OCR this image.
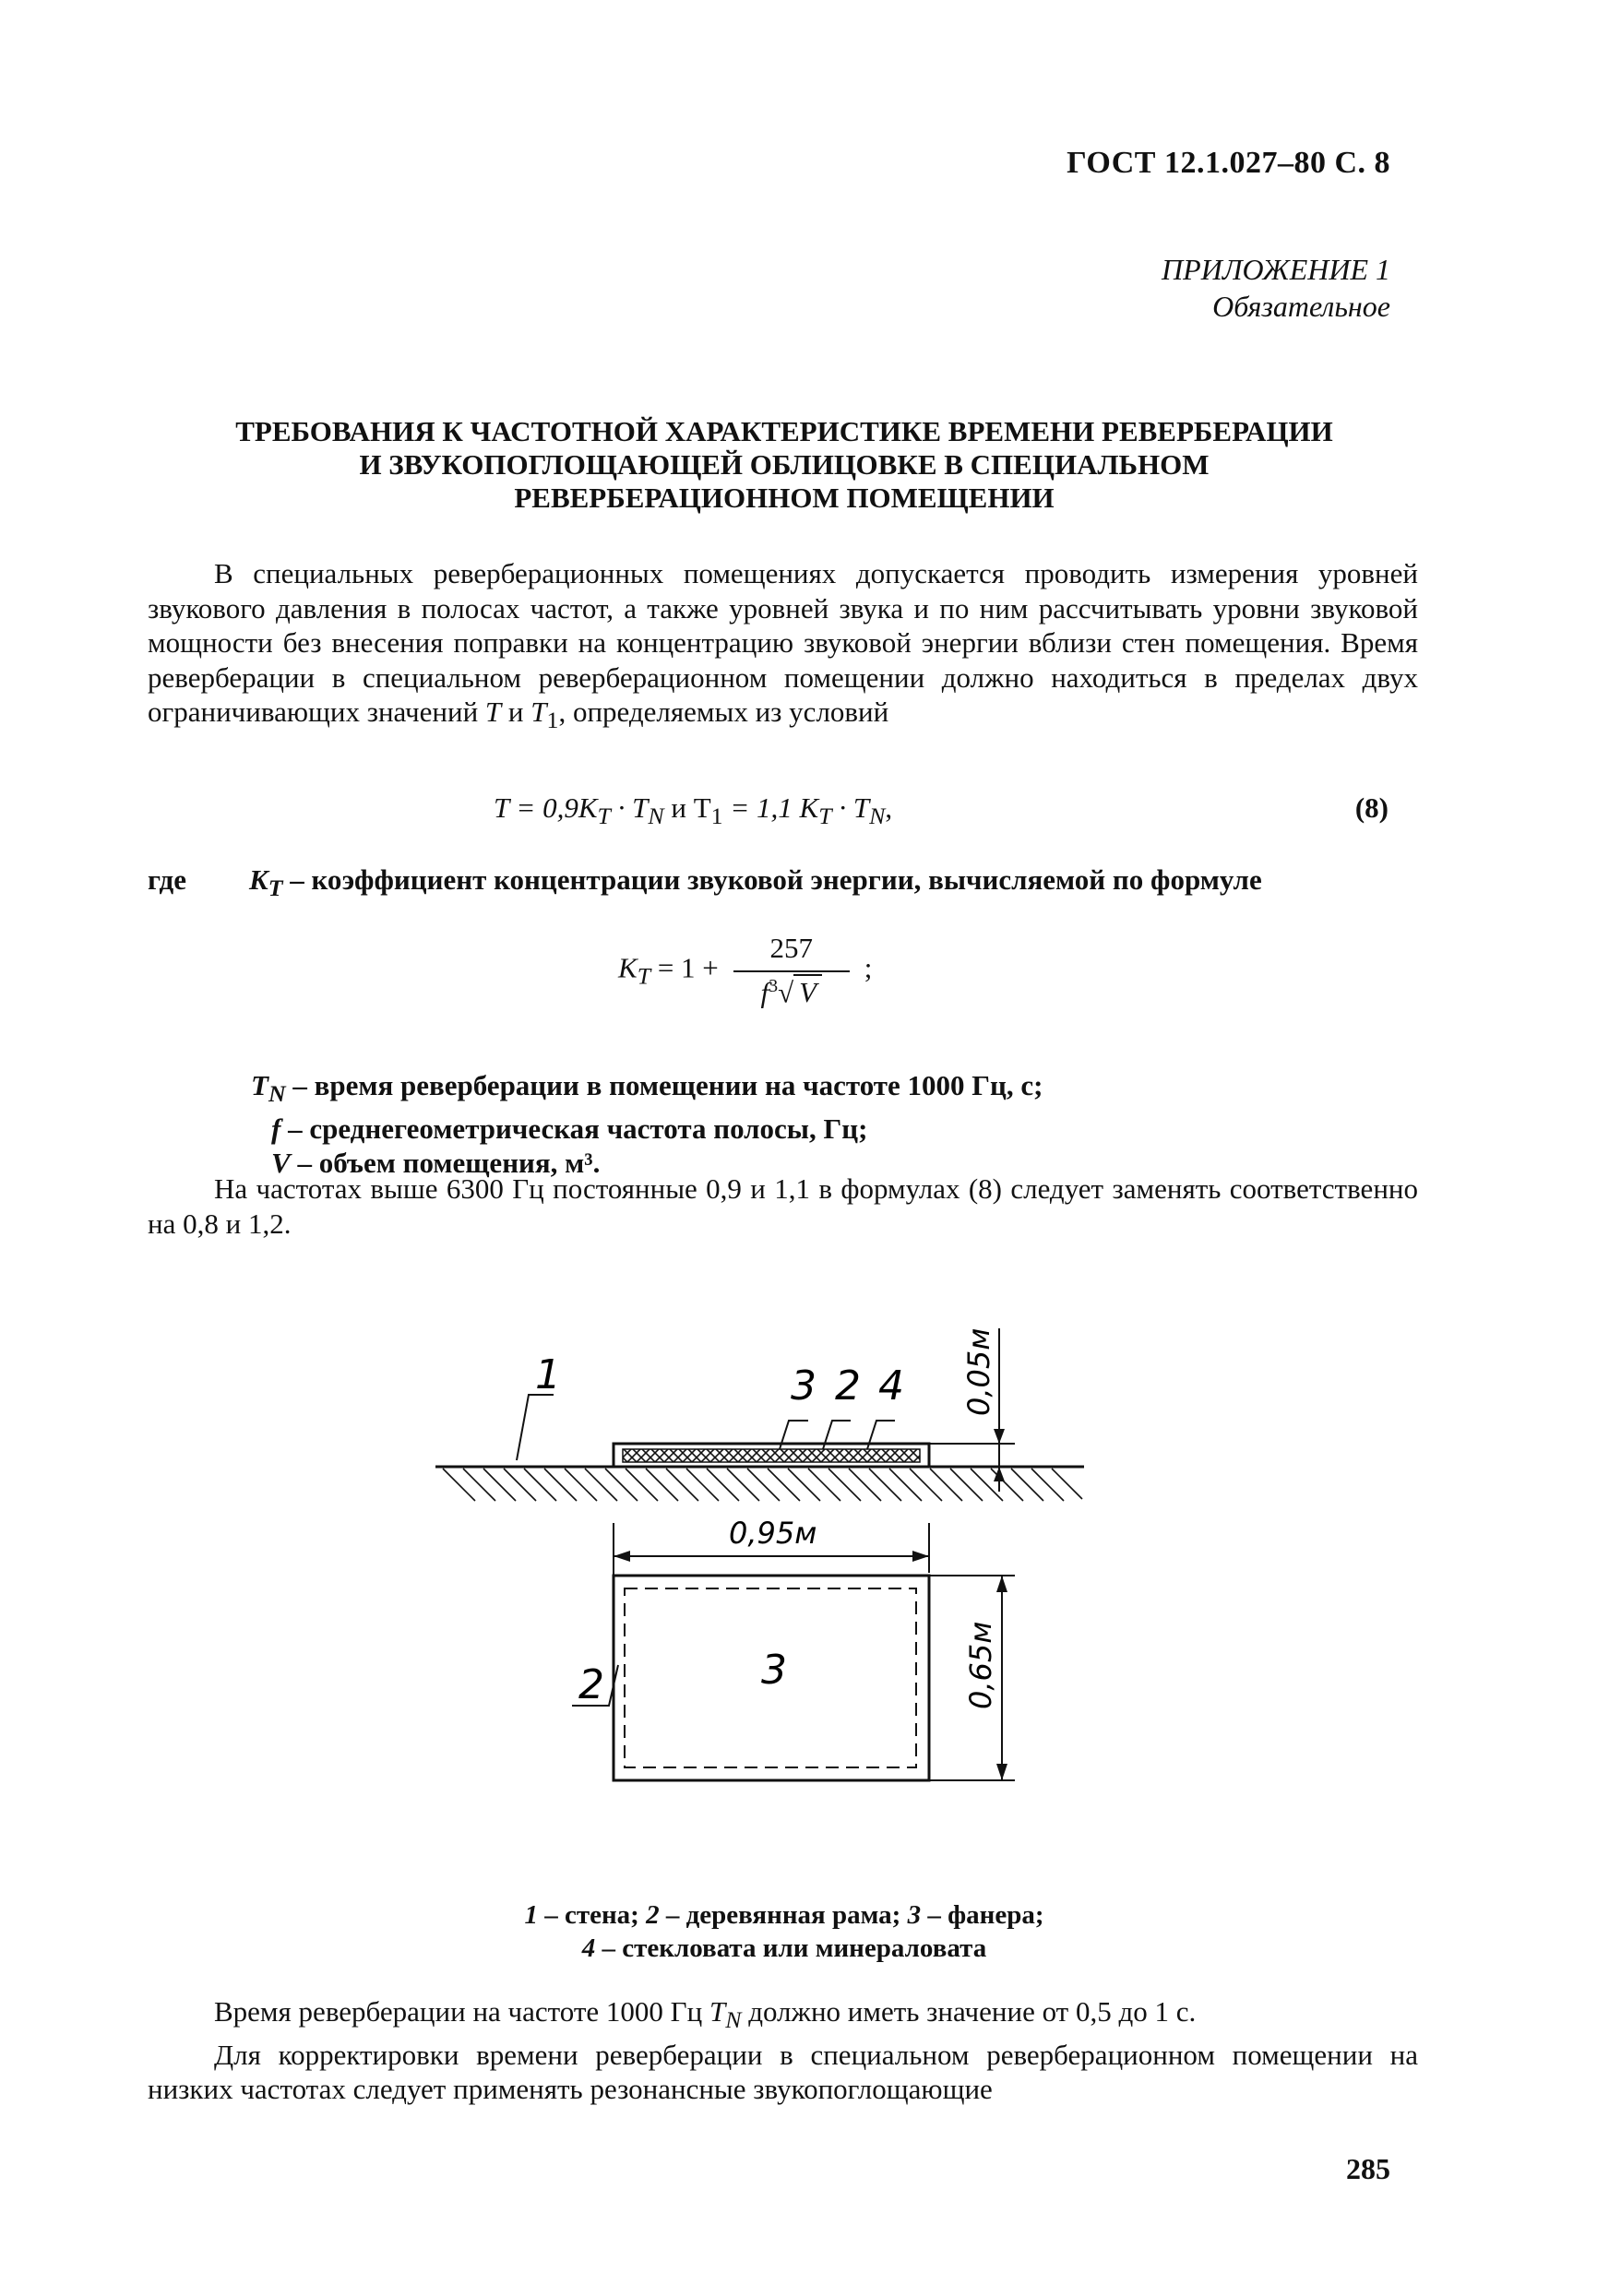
ГОСТ 12.1.027–80 С. 8
ПРИЛОЖЕНИЕ 1
Обязательное
ТРЕБОВАНИЯ К ЧАСТОТНОЙ ХАРАКТЕРИСТИКЕ ВРЕМЕНИ РЕВЕРБЕРАЦИИ
И ЗВУКОПОГЛОЩАЮЩЕЙ ОБЛИЦОВКЕ В СПЕЦИАЛЬНОМ
РЕВЕРБЕРАЦИОННОМ ПОМЕЩЕНИИ

В специальных реверберационных помещениях допускается проводить измерения уровней звукового давления в полосах частот, а также уровней звука и по ним рассчитывать уровни звуковой мощности без внесения поправки на концентрацию звуковой энергии вблизи стен помещения. Время реверберации в специальном реверберационном помещении должно находиться в пределах двух ограничивающих значений T и $T_1$, определяемых из условий

$T = 0,9K_T \cdot T_N$ и $T_1 = 1,1$ $K_T \cdot T_N$,	(8)
где $K_T$ – коэффициент концентрации звуковой энергии, вычисляемой по формуле
$K_T = 1 + \frac{257}{f^3√ V}$ ;
$T_N$ – время реверберации в помещении на частоте 1000 Гц, с;
f – среднегеометрическая частота полосы, Гц;
V – объем помещения, м³.

На частотах выше 6300 Гц постоянные 0,9 и 1,1 в формулах (8) следует заменять соответственно на 0,8 и 1,2.

1	3 2 4 0,05м
0,95м
0,65м
2	3
1 – стена; 2 – деревянная рама; 3 – фанера;
4 – стекловата или минераловата

Время реверберации на частоте 1000 Гц $T_N$ должно иметь значение от 0,5 до 1 с.

Для корректировки времени реверберации в специальном реверберационном помещении на низких частотах следует применять резонансные звукопоглощающие

285
